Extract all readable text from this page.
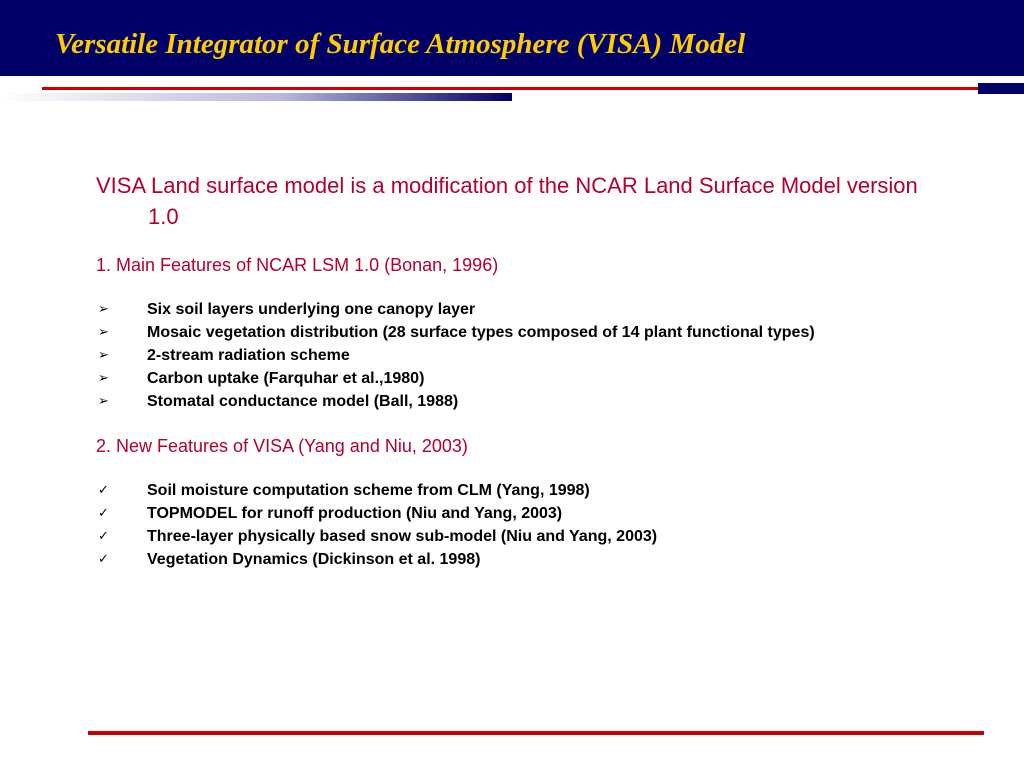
Versatile Integrator of Surface Atmosphere (VISA) Model

VISA Land surface model is a modification of the NCAR Land Surface Model version 1.0

1. Main Features of NCAR LSM 1.0 (Bonan, 1996)

➢ Six soil layers underlying one canopy layer
➢ Mosaic vegetation distribution (28 surface types composed of 14 plant functional types)
➢ 2-stream radiation scheme
➢ Carbon uptake (Farquhar et al.,1980)
➢ Stomatal conductance model (Ball, 1988)

2. New Features of VISA (Yang and Niu, 2003)

✓ Soil moisture computation scheme from CLM (Yang, 1998)
✓ TOPMODEL for runoff production (Niu and Yang, 2003)
✓ Three-layer physically based snow sub-model (Niu and Yang, 2003)
✓ Vegetation Dynamics (Dickinson et al. 1998)
